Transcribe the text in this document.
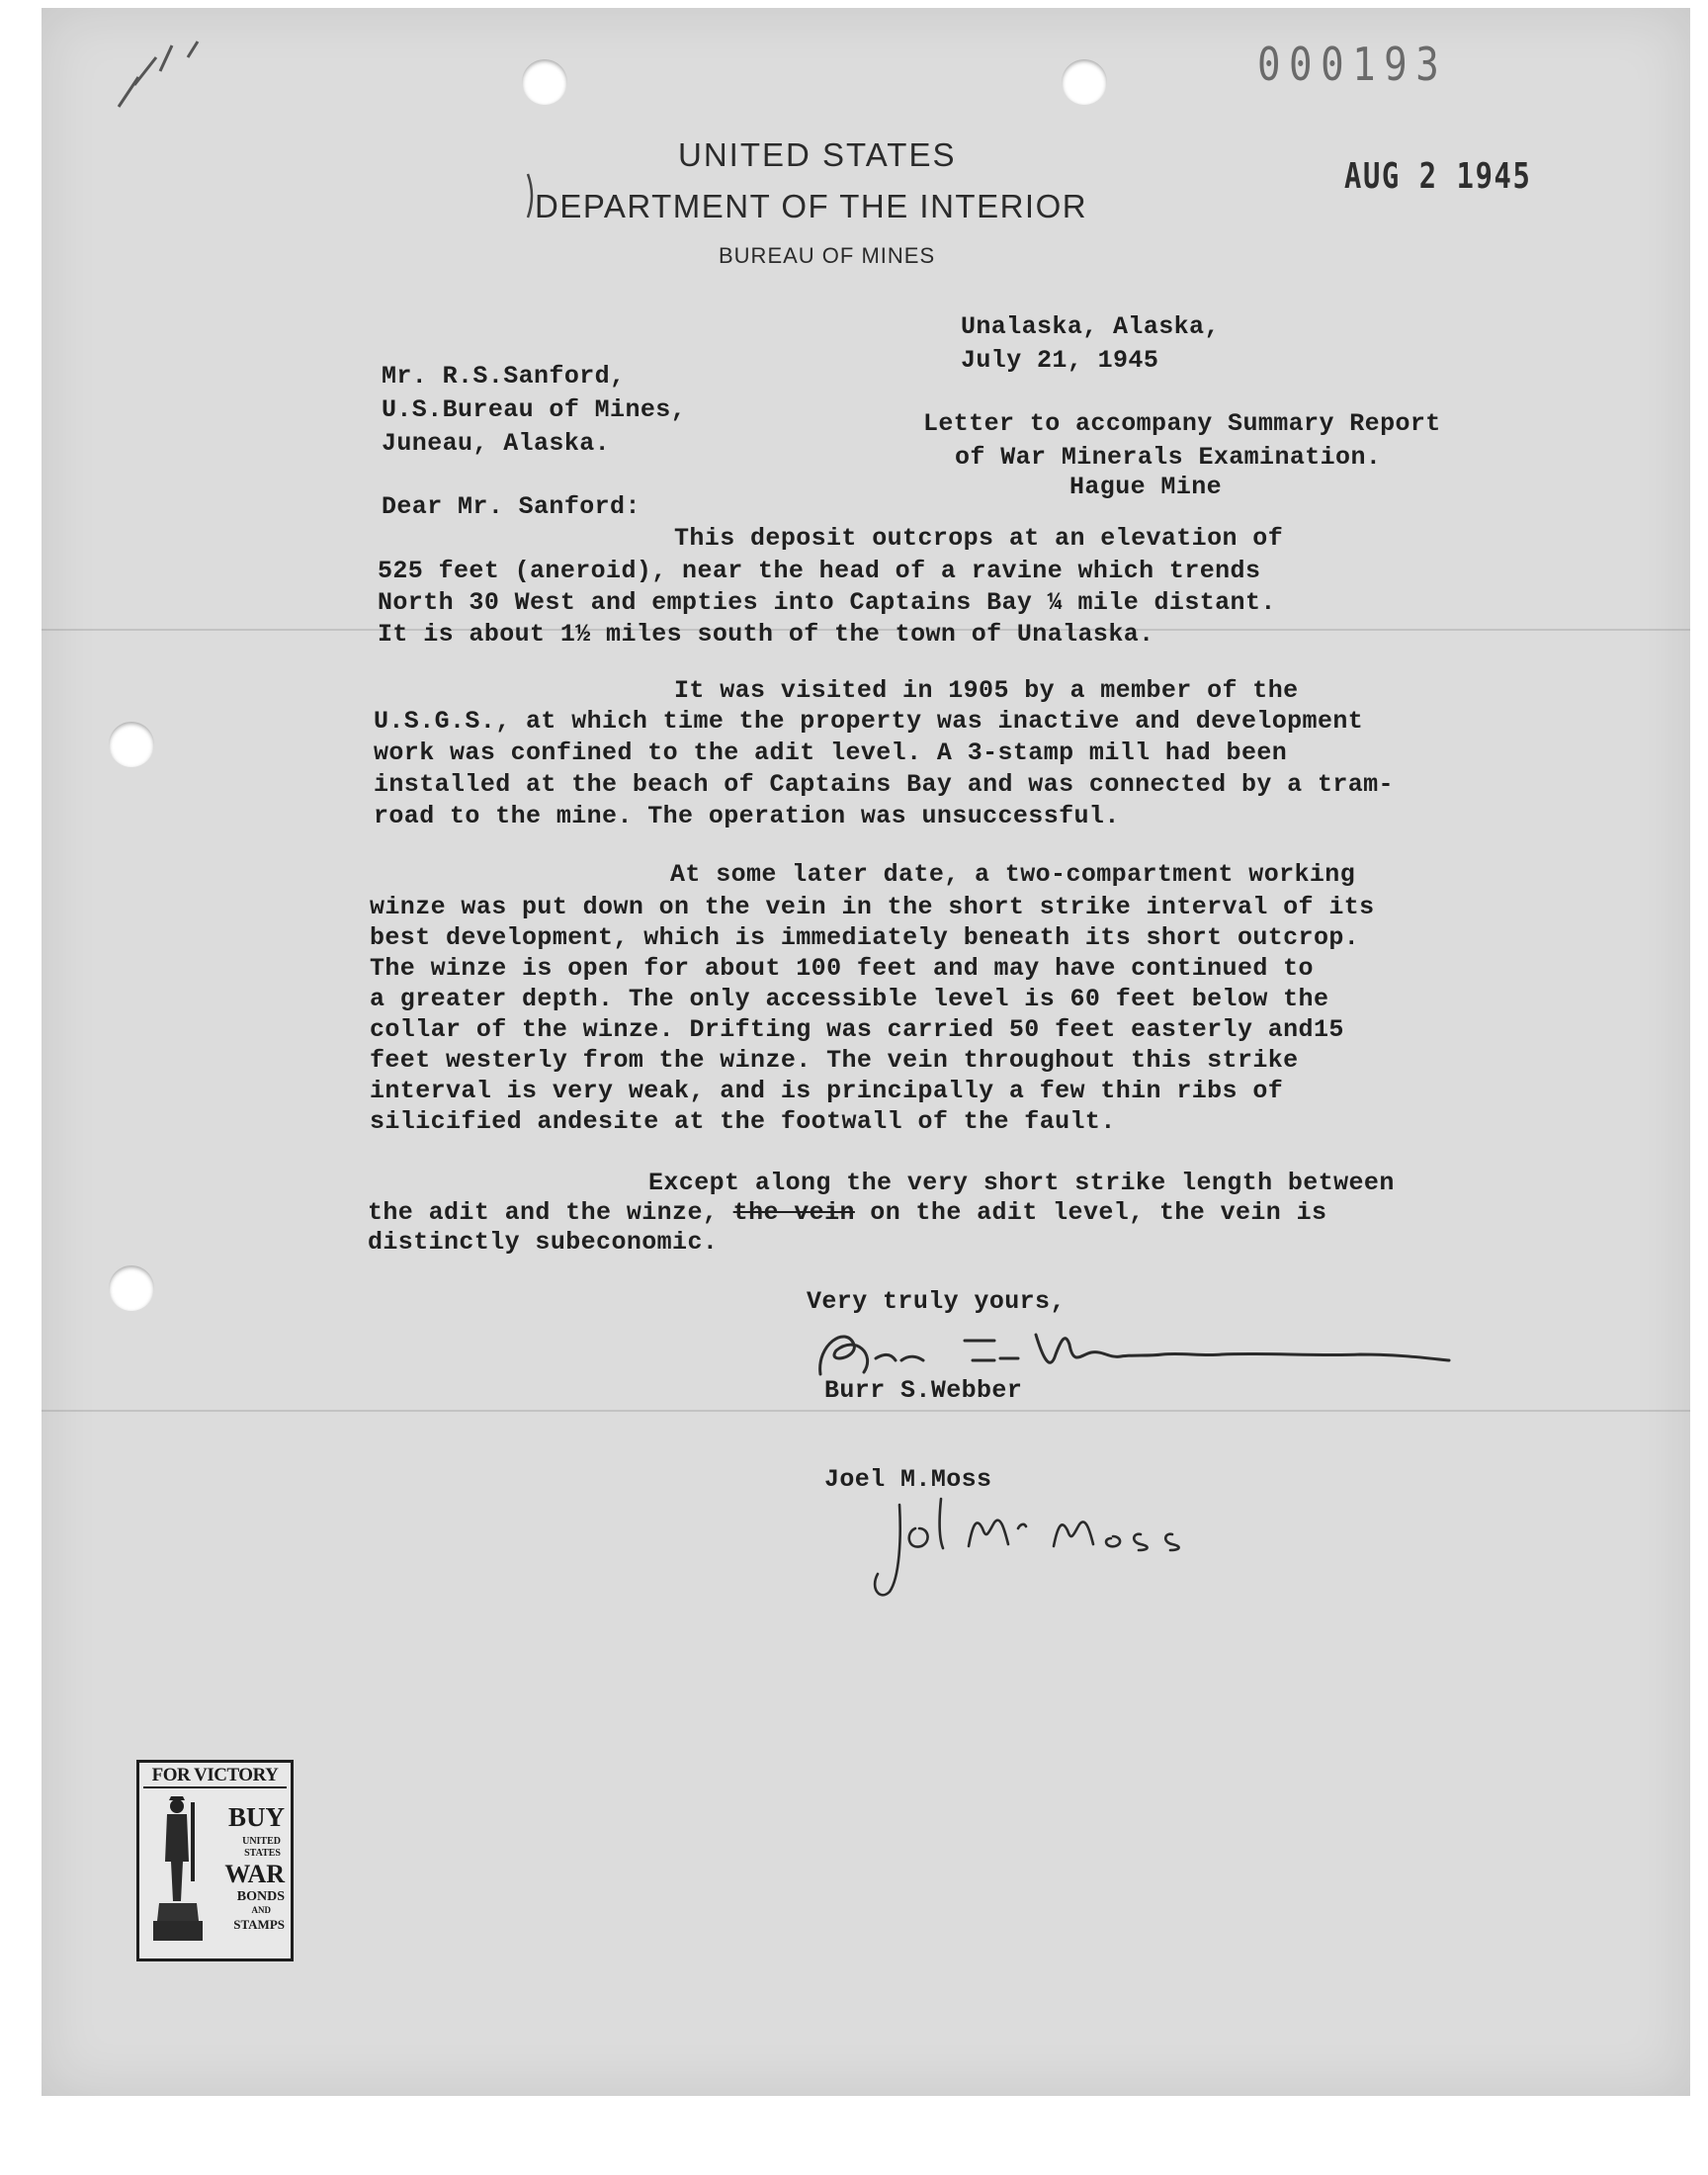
000193
AUG 2 1945
UNITED STATES
DEPARTMENT OF THE INTERIOR
BUREAU OF MINES
Unalaska, Alaska,
July 21, 1945
Mr. R.S.Sanford,
U.S.Bureau of Mines,
Juneau, Alaska.
Letter to accompany Summary Report
of War Minerals Examination.
Hague Mine
Dear Mr. Sanford:
This deposit outcrops at an elevation of
525 feet (aneroid), near the head of a ravine which trends
North 30 West and empties into Captains Bay ¼ mile distant.
It is about 1½ miles south of the town of Unalaska.
It was visited in 1905 by a member of the
U.S.G.S., at which time the property was inactive and development
work was confined to the adit level. A 3-stamp mill had been
installed at the beach of Captains Bay and was connected by a tram-
road to the mine. The operation was unsuccessful.
At some later date, a two-compartment working
winze was put down on the vein in the short strike interval of its
best development, which is immediately beneath its short outcrop.
The winze is open for about 100 feet and may have continued to
a greater depth. The only accessible level is 60 feet below the
collar of the winze. Drifting was carried 50 feet easterly and15
feet westerly from the winze. The vein throughout this strike
interval is very weak, and is principally a few thin ribs of
silicified andesite at the footwall of the fault.
Except along the very short strike length between
the adit and the winze, the vein on the adit level, the vein is
distinctly subeconomic.
Very truly yours,
Burr S.Webber
Joel M.Moss
FOR VICTORY
BUY
UNITED
STATES
WAR
BONDS
AND
STAMPS
